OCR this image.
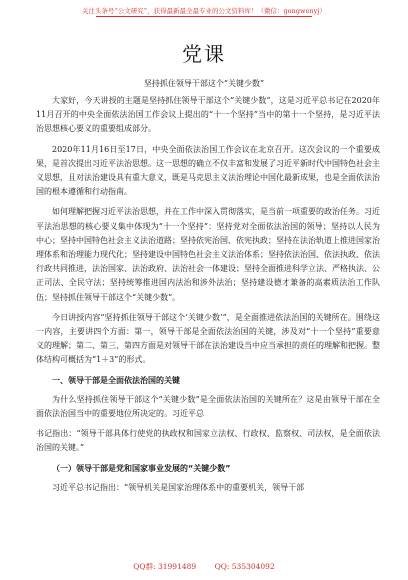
关注头条号“公文研究”，获得最新最全最专业的公文资料库！（微信：gongwenyj）
党课
坚持抓住领导干部这个“关键少数”

大家好，今天讲授的主题是坚持抓住领导干部这个“关键少数”，这是习近平总书记在2020年11月召开的中央全面依法治国工作会议上提出的“十一个坚持”当中的第十一个坚持，是习近平法治思想核心要义的重要组成部分。

2020年11月16日至17日，中央全面依法治国工作会议在北京召开。这次会议的一个重要成果，是首次提出习近平法治思想。这一思想的确立不仅丰富和发展了习近平新时代中国特色社会主义思想，且对法治建设具有重大意义，既是马克思主义法治理论中国化最新成果，也是全面依法治国的根本遵循和行动指南。

如何理解把握习近平法治思想，并在工作中深入贯彻落实，是当前一项重要的政治任务。习近平法治思想的核心要义集中体现为“十一个坚持”：坚持党对全面依法治国的领导；坚持以人民为中心；坚持中国特色社会主义法治道路；坚持依宪治国、依宪执政；坚持在法治轨道上推进国家治理体系和治理能力现代化；坚持建设中国特色社会主义法治体系；坚持依法治国、依法执政、依法行政共同推进，法治国家、法治政府、法治社会一体建设；坚持全面推进科学立法、严格执法、公正司法、全民守法；坚持统筹推进国内法治和涉外法治；坚持建设德才兼备的高素质法治工作队伍；坚持抓住领导干部这个“关键少数”。

今日讲授内容“坚持抓住领导干部这个‘关键少数’”，是全面推进依法治国的关键所在。围绕这一内容，主要讲四个方面：第一，领导干部是全面依法治国的关键，涉及对“十一个坚持”重要意义的理解；第二、第三、第四方面是对领导干部在法治建设当中应当承担的责任的理解和把握。整体结构可概括为“1＋3”的形式。

一、领导干部是全面依法治国的关键

为什么坚持抓住领导干部这个“关键少数”是全面依法治国的关键所在？这是由领导干部在全面依法治国当中的重要地位所决定的。习近平总

书记指出：“领导干部具体行使党的执政权和国家立法权、行政权、监察权、司法权，是全面依法治国的关键。”

（一）领导干部是党和国家事业发展的“关键少数”

习近平总书记指出：“领导机关是国家治理体系中的重要机关，领导干部

QQ群: 31991489 QQ: 535304092
